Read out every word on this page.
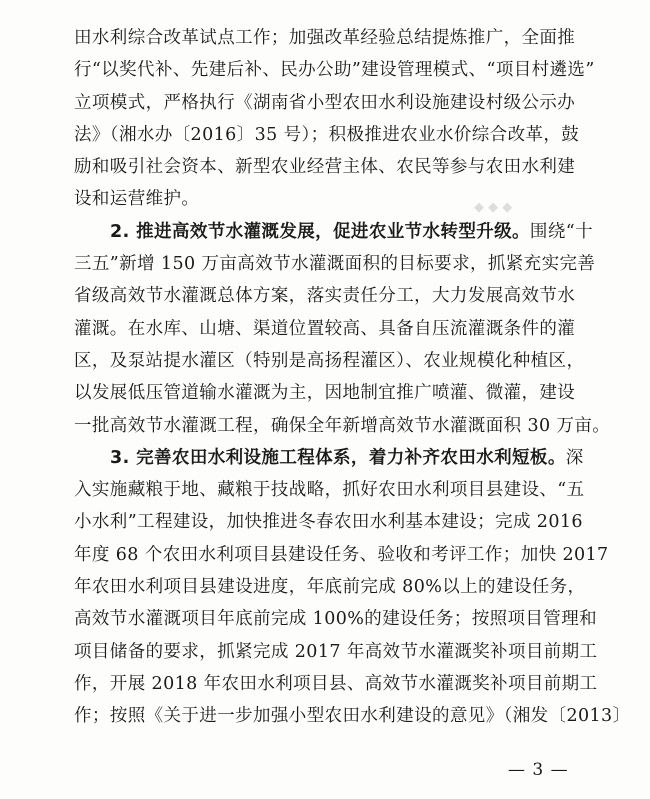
◆ ◆ ◆
田水利综合改革试点工作；加强改革经验总结提炼推广，全面推
行“以奖代补、先建后补、民办公助”建设管理模式、“项目村遴选”
立项模式，严格执行《湖南省小型农田水利设施建设村级公示办
法》（湘水办〔2016〕35 号）；积极推进农业水价综合改革，鼓
励和吸引社会资本、新型农业经营主体、农民等参与农田水利建
设和运营维护。
2. 推进高效节水灌溉发展，促进农业节水转型升级。围绕“十
三五”新增 150 万亩高效节水灌溉面积的目标要求，抓紧充实完善
省级高效节水灌溉总体方案，落实责任分工，大力发展高效节水
灌溉。在水库、山塘、渠道位置较高、具备自压流灌溉条件的灌
区，及泵站提水灌区（特别是高扬程灌区）、农业规模化种植区，
以发展低压管道输水灌溉为主，因地制宜推广喷灌、微灌，建设
一批高效节水灌溉工程，确保全年新增高效节水灌溉面积 30 万亩。
3. 完善农田水利设施工程体系，着力补齐农田水利短板。深
入实施藏粮于地、藏粮于技战略，抓好农田水利项目县建设、“五
小水利”工程建设，加快推进冬春农田水利基本建设；完成 2016
年度 68 个农田水利项目县建设任务、验收和考评工作；加快 2017
年农田水利项目县建设进度，年底前完成 80%以上的建设任务，
高效节水灌溉项目年底前完成 100%的建设任务；按照项目管理和
项目储备的要求，抓紧完成 2017 年高效节水灌溉奖补项目前期工
作，开展 2018 年农田水利项目县、高效节水灌溉奖补项目前期工
作；按照《关于进一步加强小型农田水利建设的意见》（湘发〔2013〕
— 3 —
